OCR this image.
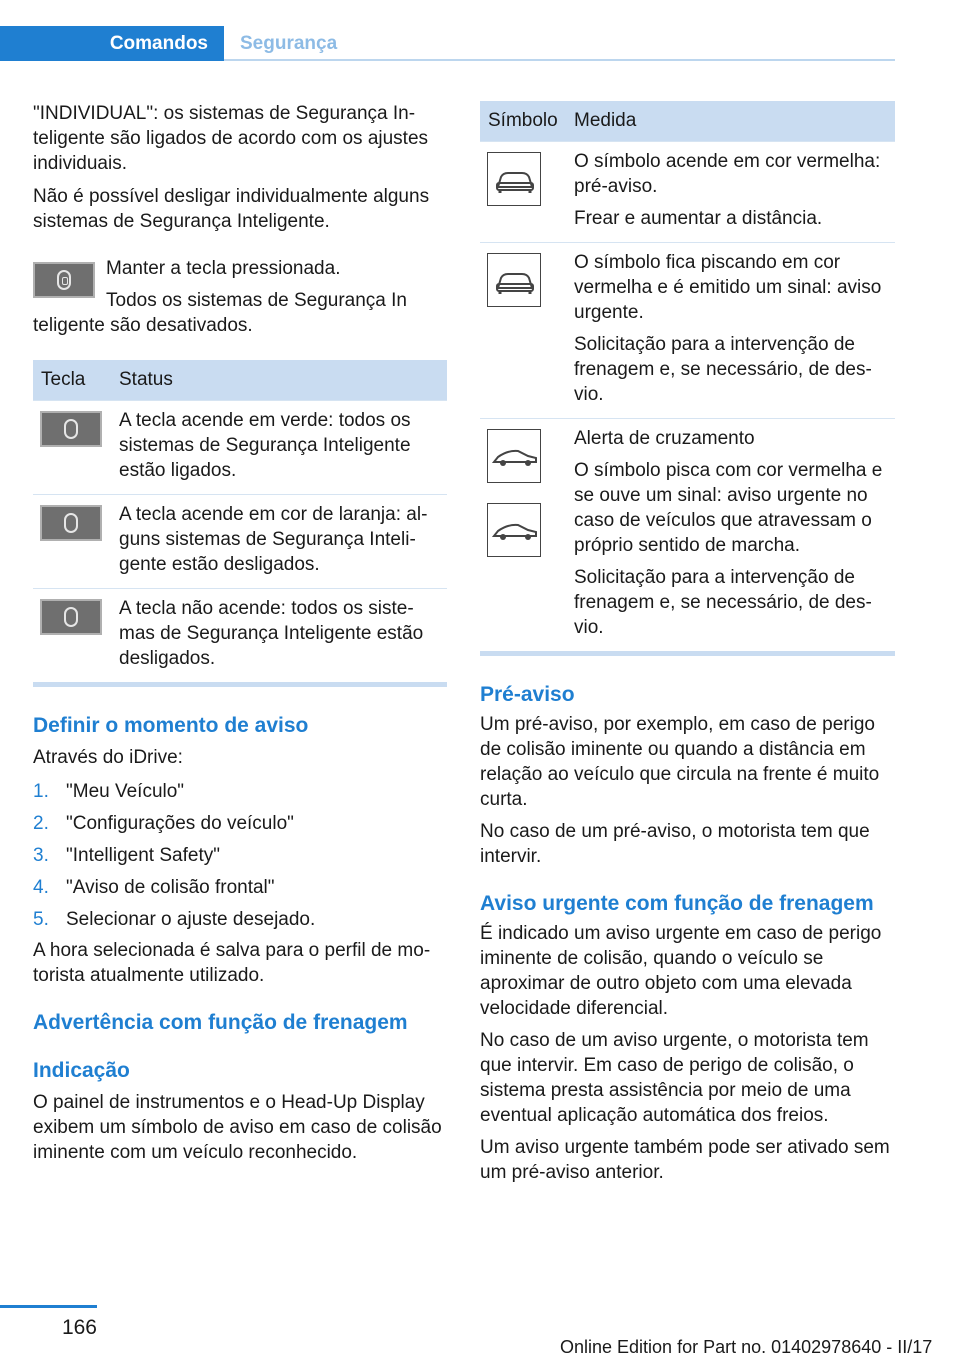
Comandos	Segurança

"INDIVIDUAL": os sistemas de Segurança Inteligente são ligados de acordo com os ajustes individuais.

Não é possível desligar individualmente alguns sistemas de Segurança Inteligente.

Manter a tecla pressionada.

Todos os sistemas de Segurança In

teligente são desativados.

Tecla	Status

	A tecla acende em verde: todos os sistemas de Segurança Inteligente estão ligados.

	A tecla acende em cor de laranja: alguns sistemas de Segurança Inteligente estão desligados.

	A tecla não acende: todos os sistemas de Segurança Inteligente estão desligados.

Definir o momento de aviso

Através do iDrive:

1. "Meu Veículo"
2. "Configurações do veículo"
3. "Intelligent Safety"
4. "Aviso de colisão frontal"
5. Selecionar o ajuste desejado.

A hora selecionada é salva para o perfil de motorista atualmente utilizado.

Advertência com função de frenagem

Indicação

O painel de instrumentos e o Head-Up Display exibem um símbolo de aviso em caso de colisão iminente com um veículo reconhecido.

Símbolo	Medida

O símbolo acende em cor vermelha: pré-aviso.
Frear e aumentar a distância.

O símbolo fica piscando em cor vermelha e é emitido um sinal: aviso urgente.
Solicitação para a intervenção de frenagem e, se necessário, de desvio.

Alerta de cruzamento
O símbolo pisca com cor vermelha e se ouve um sinal: aviso urgente no caso de veículos que atravessam o próprio sentido de marcha.
Solicitação para a intervenção de frenagem e, se necessário, de desvio.

Pré-aviso

Um pré-aviso, por exemplo, em caso de perigo de colisão iminente ou quando a distância em relação ao veículo que circula na frente é muito curta.

No caso de um pré-aviso, o motorista tem que intervir.

Aviso urgente com função de frenagem

É indicado um aviso urgente em caso de perigo iminente de colisão, quando o veículo se aproximar de outro objeto com uma elevada velocidade diferencial.

No caso de um aviso urgente, o motorista tem que intervir. Em caso de perigo de colisão, o sistema presta assistência por meio de uma eventual aplicação automática dos freios.

Um aviso urgente também pode ser ativado sem um pré-aviso anterior.

166
Online Edition for Part no. 01402978640 - II/17
